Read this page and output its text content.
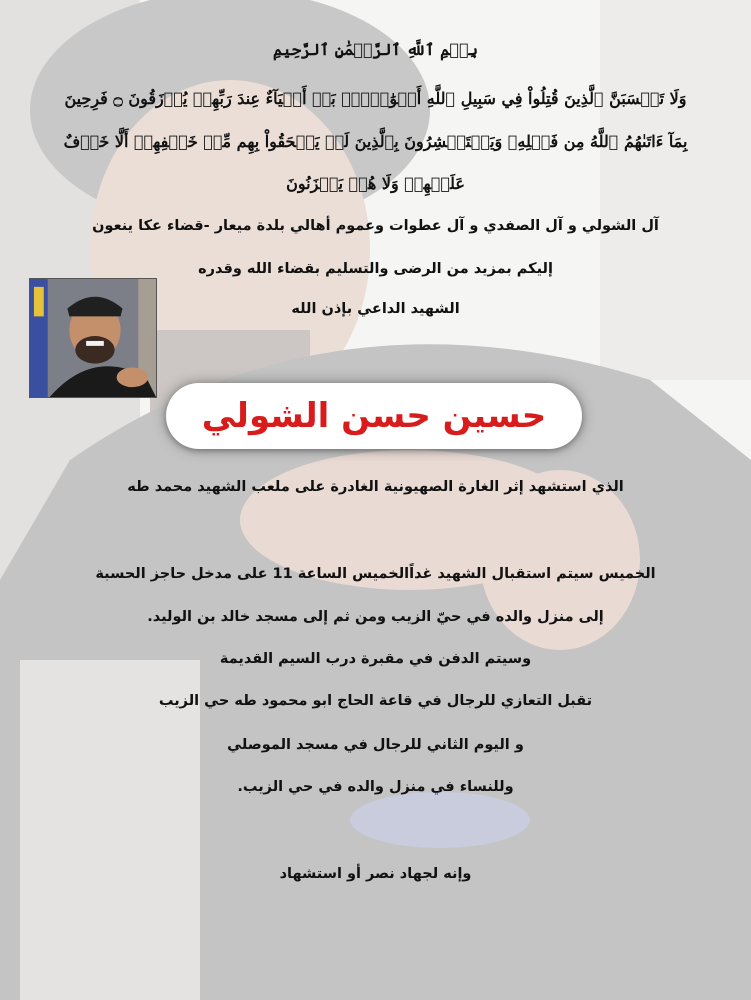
بِسۡمِ ٱللَّهِ ٱلرَّحۡمَٰنِ ٱلرَّحِيمِ
وَلَا تَحۡسَبَنَّ ٱلَّذِينَ قُتِلُواْ فِي سَبِيلِ ٱللَّهِ أَمۡوَٰتَۢاۚ بَلۡ أَحۡيَآءٌ عِندَ رَبِّهِمۡ يُرۡزَقُونَ ۝ فَرِحِينَ
بِمَآ ءَاتَىٰهُمُ ٱللَّهُ مِن فَضۡلِهِۦ وَيَسۡتَبۡشِرُونَ بِٱلَّذِينَ لَمۡ يَلۡحَقُواْ بِهِم مِّنۡ خَلۡفِهِمۡ أَلَّا خَوۡفٌ
عَلَيۡهِمۡ وَلَا هُمۡ يَحۡزَنُونَ
آل الشولي و آل الصفدي و آل عطوات وعموم أهالي بلدة ميعار -قضاء عكا ينعون
إليكم بمزيد من الرضى والتسليم بقضاء الله وقدره
الشهيد الداعي بإذن الله
حسين حسن الشولي
الذي استشهد إثر الغارة الصهيونية الغادرة على ملعب الشهيد محمد طه
الخميس سيتم استقبال الشهيد غداًالخميس الساعة 11 على مدخل حاجز الحسبة
إلى منزل والده في حيّ الزيب ومن ثم إلى مسجد خالد بن الوليد.
وسيتم الدفن في مقبرة درب السيم القديمة
تقبل التعازي للرجال في قاعة الحاج ابو محمود طه حي الزيب
و اليوم الثاني للرجال في مسجد الموصلي
وللنساء في منزل والده في حي الزيب.
وإنه لجهاد نصر أو استشهاد
